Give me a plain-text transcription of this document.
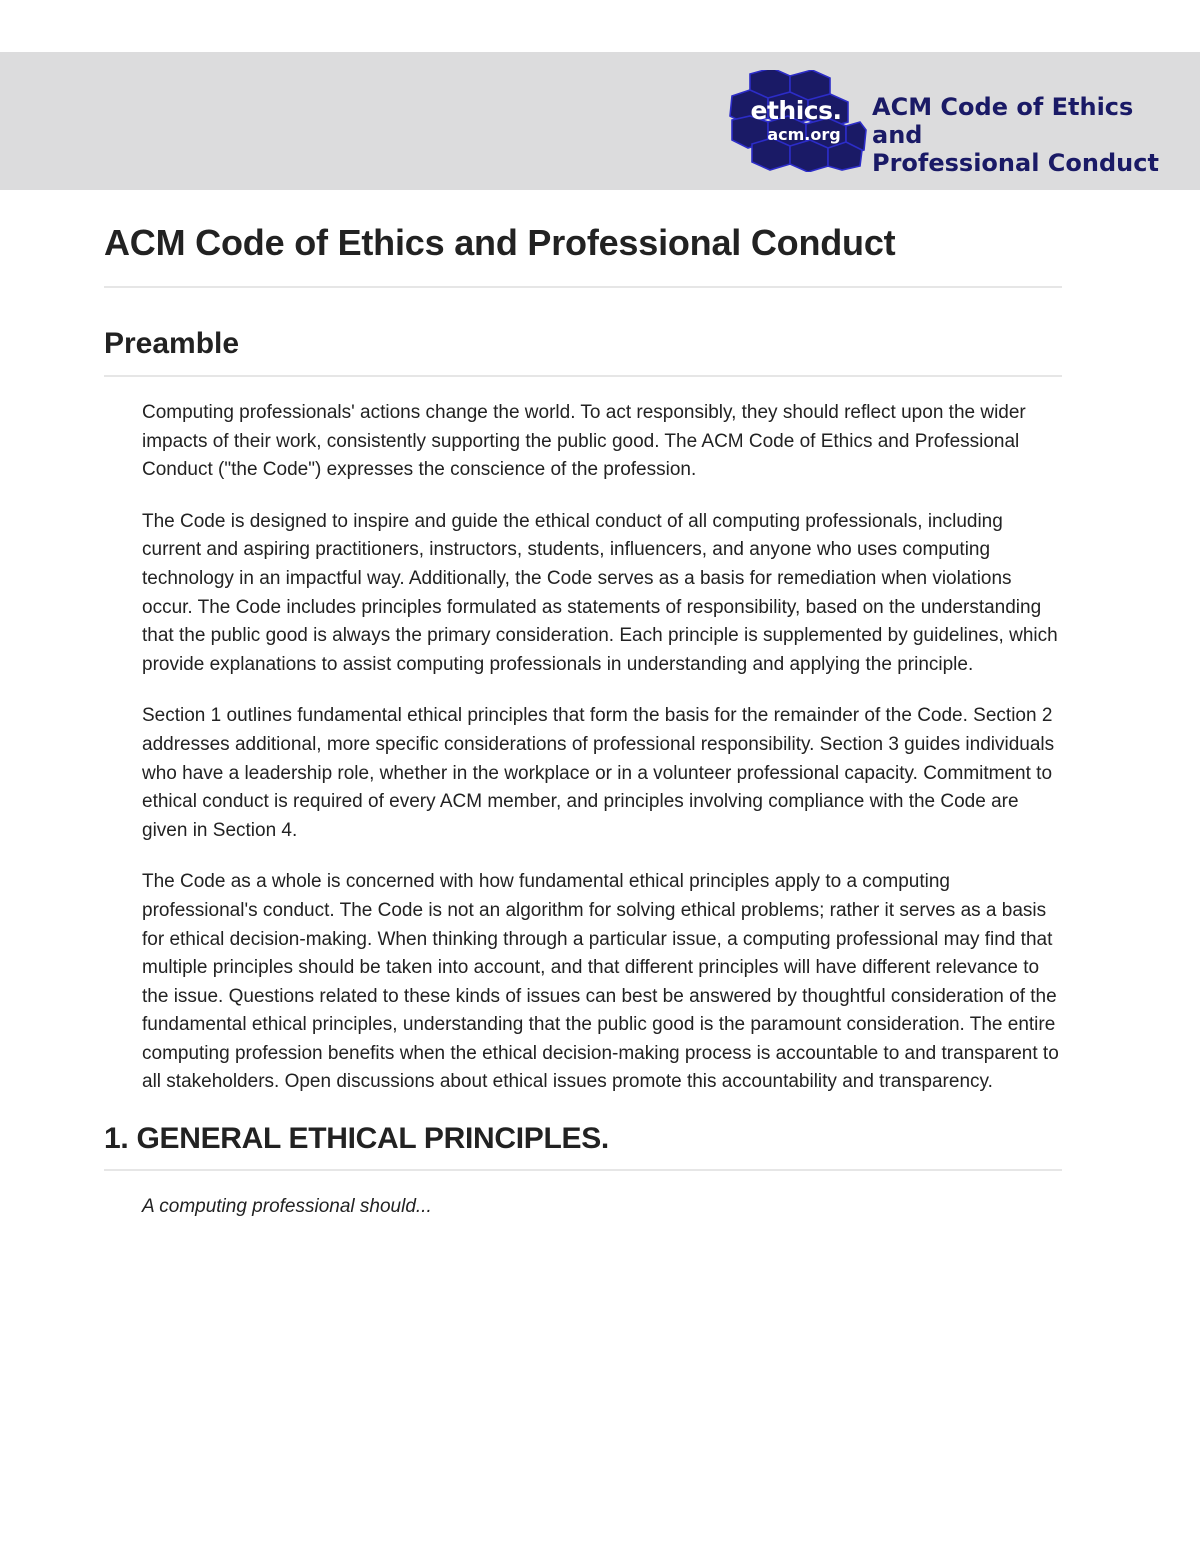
ethics.
acm.org
ACM Code of Ethics and
Professional Conduct
ACM Code of Ethics and Professional Conduct
Preamble

Computing professionals' actions change the world. To act responsibly, they should reflect upon the wider impacts of their work, consistently supporting the public good. The ACM Code of Ethics and Professional Conduct ("the Code") expresses the conscience of the profession.

The Code is designed to inspire and guide the ethical conduct of all computing professionals, including current and aspiring practitioners, instructors, students, influencers, and anyone who uses computing technology in an impactful way. Additionally, the Code serves as a basis for remediation when violations occur. The Code includes principles formulated as statements of responsibility, based on the understanding that the public good is always the primary consideration. Each principle is supplemented by guidelines, which provide explanations to assist computing professionals in understanding and applying the principle.

Section 1 outlines fundamental ethical principles that form the basis for the remainder of the Code. Section 2 addresses additional, more specific considerations of professional responsibility. Section 3 guides individuals who have a leadership role, whether in the workplace or in a volunteer professional capacity. Commitment to ethical conduct is required of every ACM member, and principles involving compliance with the Code are given in Section 4.

The Code as a whole is concerned with how fundamental ethical principles apply to a computing professional's conduct. The Code is not an algorithm for solving ethical problems; rather it serves as a basis for ethical decision-making. When thinking through a particular issue, a computing professional may find that multiple principles should be taken into account, and that different principles will have different relevance to the issue. Questions related to these kinds of issues can best be answered by thoughtful consideration of the fundamental ethical principles, understanding that the public good is the paramount consideration. The entire computing profession benefits when the ethical decision-making process is accountable to and transparent to all stakeholders. Open discussions about ethical issues promote this accountability and transparency.

1. GENERAL ETHICAL PRINCIPLES.

A computing professional should...
